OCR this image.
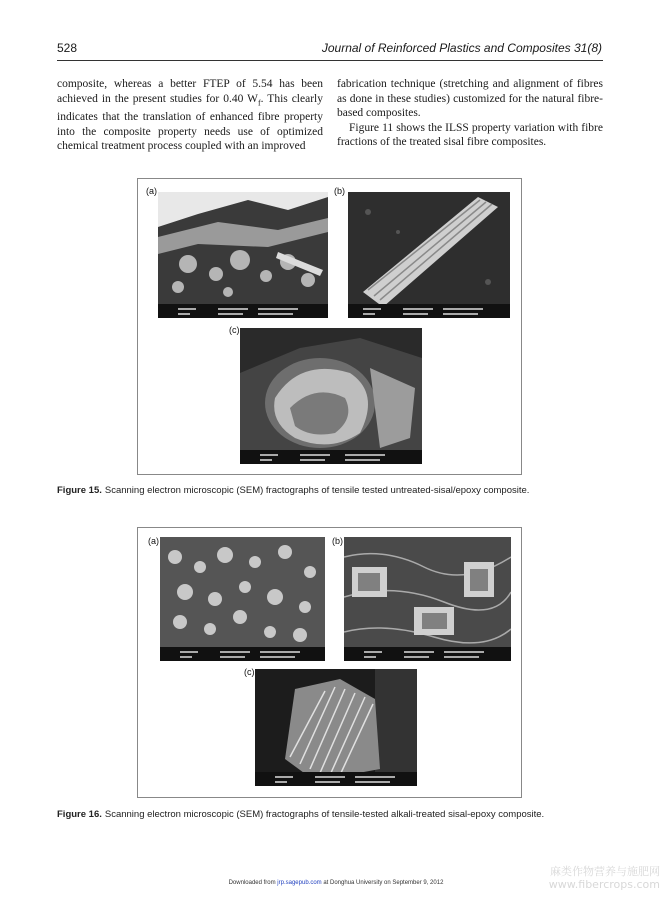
528	Journal of Reinforced Plastics and Composites 31(8)

composite, whereas a better FTEP of 5.54 has been achieved in the present studies for 0.40 $W_f$. This clearly indicates that the translation of enhanced fibre property into the composite property needs use of optimized chemical treatment process coupled with an improved

fabrication technique (stretching and alignment of fibres as done in these studies) customized for the natural fibre-based composites.

Figure 11 shows the ILSS property variation with fibre fractions of the treated sisal fibre composites.

(a)	(b)
(c)
Figure 15. Scanning electron microscopic (SEM) fractographs of tensile tested untreated-sisal/epoxy composite.
(a)	(b)
(c)
Figure 16. Scanning electron microscopic (SEM) fractographs of tensile-tested alkali-treated sisal-epoxy composite.
Downloaded from jrp.sagepub.com at Donghua University on September 9, 2012
麻类作物营养与施肥网
www.fibercrops.com
